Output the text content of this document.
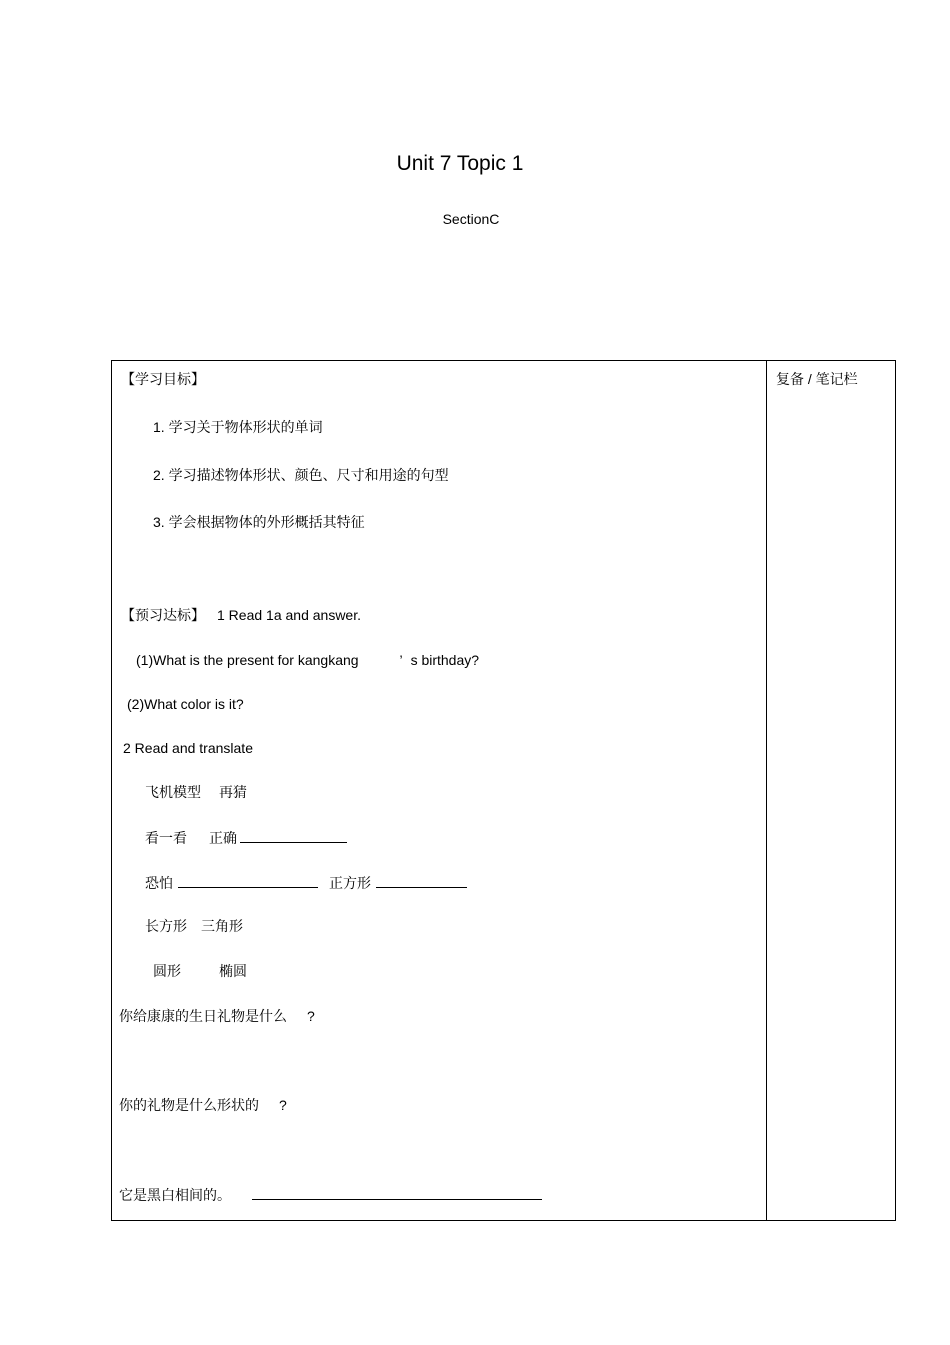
Unit 7 Topic 1
SectionC
复备 / 笔记栏
【学习目标】
1. 学习关于物体形状的单词
2. 学习描述物体形状、颜色、尺寸和用途的句型
3. 学会根据物体的外形概括其特征
【预习达标】 1 Read 1a and answer.
(1)What is the present for kangkang	’ s birthday?
(2)What color is it?
2 Read and translate
飞机模型 再猜
看一看 正确
恐怕	正方形
长方形 三角形
圆形	椭圆
你给康康的生日礼物是什么 ?
你的礼物是什么形状的 ?
它是黑白相间的。
